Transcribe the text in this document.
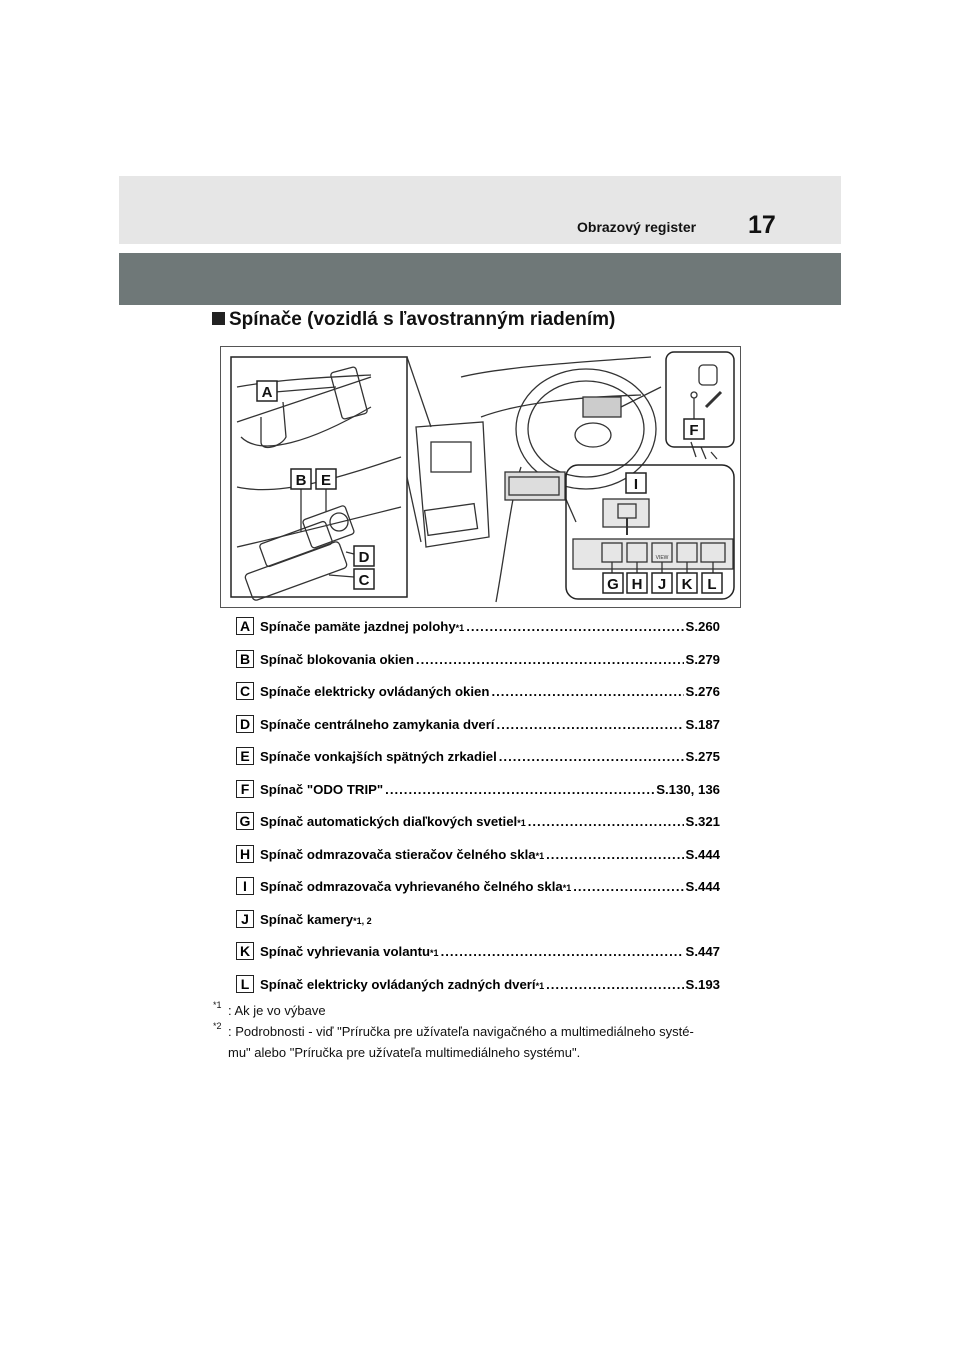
Obrazový register 17
Spínače (vozidlá s ľavostranným riadením)
VIEW
A
B E
D
C
F
I
G H J K L
A Spínače pamäte jazdnej polohy *1 .....	S.260
B Spínač blokovania okien .....	S.279
C Spínače elektricky ovládaných okien .....	S.276
D Spínače centrálneho zamykania dverí .....	S.187
E Spínače vonkajších spätných zrkadiel .....	S.275
F Spínač "ODO TRIP" .....	S.130, 136
G Spínač automatických diaľkových svetiel *1 .....	S.321
H Spínač odmrazovača stieračov čelného skla *1 .....	S.444
I Spínač odmrazovača vyhrievaného čelného skla *1 .....	S.444
J Spínač kamery *1, 2
K Spínač vyhrievania volantu *1 .....	S.447
L Spínač elektricky ovládaných zadných dverí *1 .....	S.193
*1 : Ak je vo výbave
*2 : Podrobnosti - viď "Príručka pre užívateľa navigačného a multimediálneho systé-
mu" alebo "Príručka pre užívateľa multimediálneho systému".
